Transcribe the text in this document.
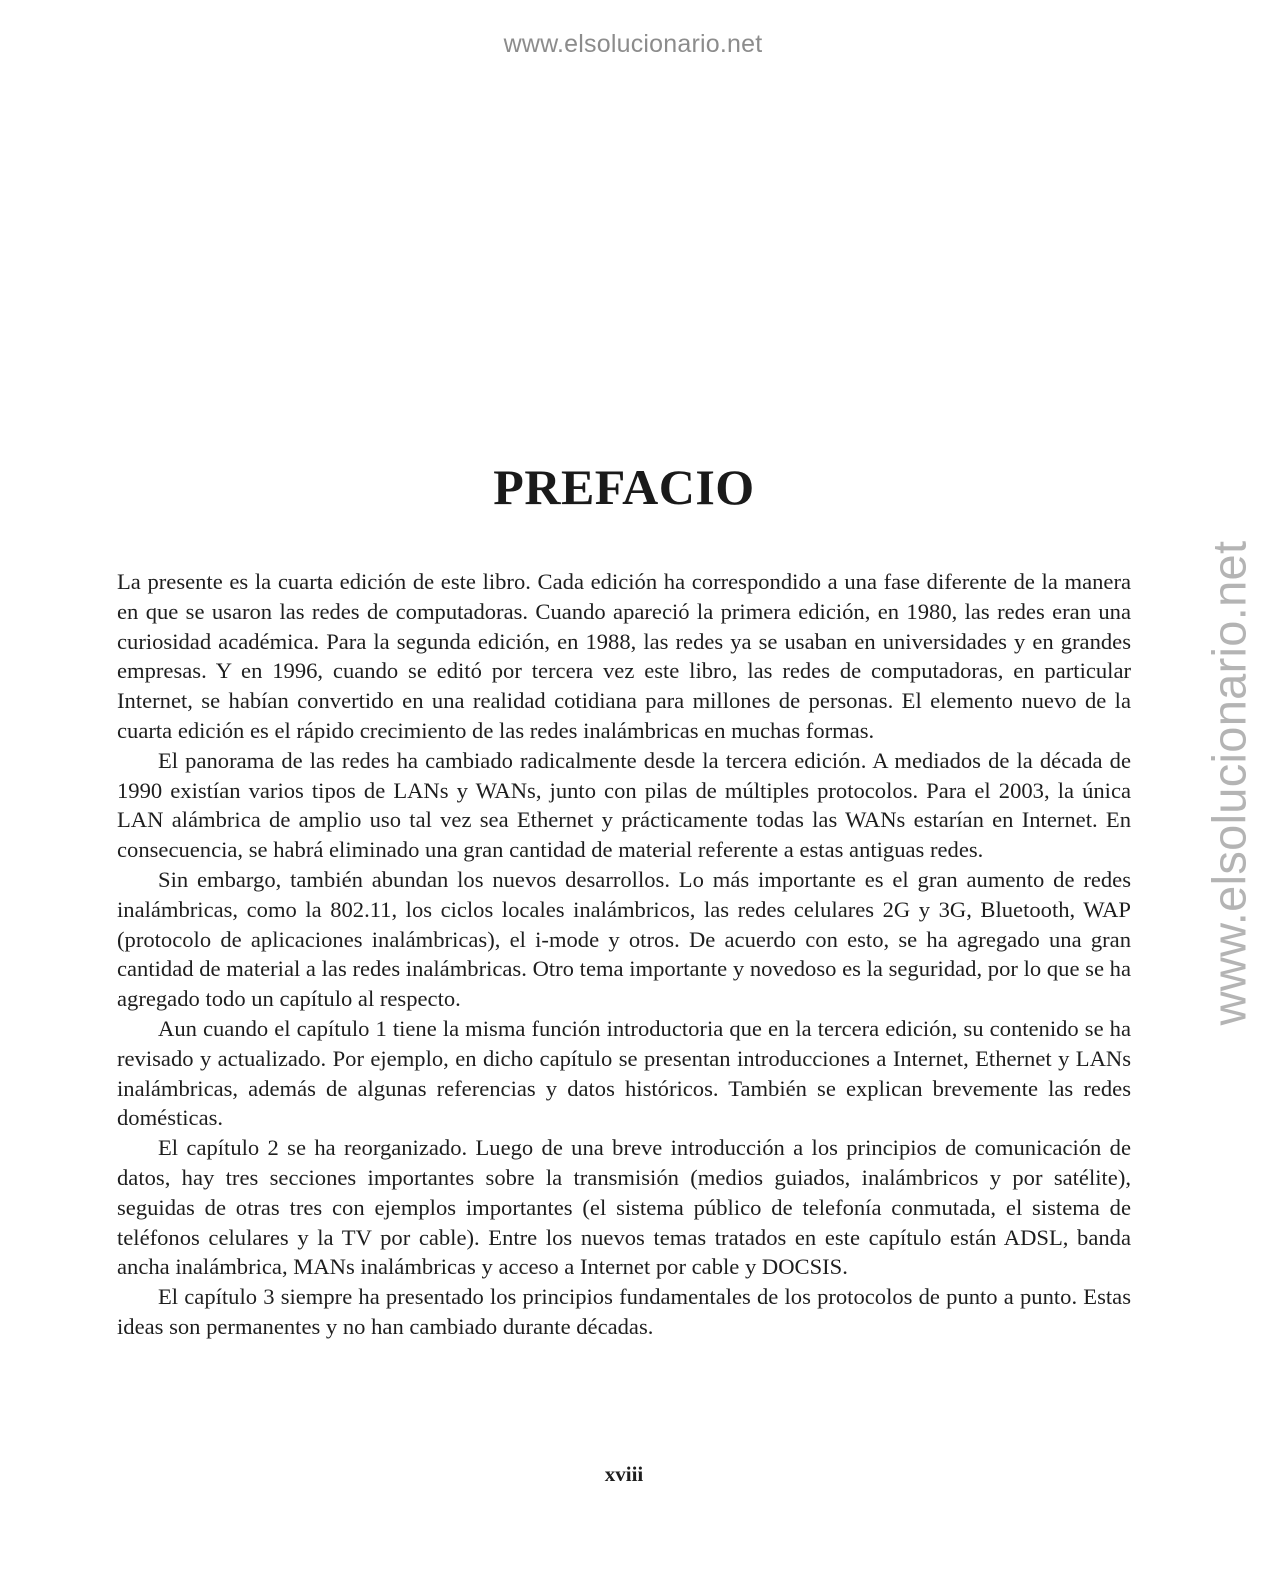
www.elsolucionario.net
www.elsolucionario.net
PREFACIO

La presente es la cuarta edición de este libro. Cada edición ha correspondido a una fase diferente de la manera en que se usaron las redes de computadoras. Cuando apareció la primera edición, en 1980, las redes eran una curiosidad académica. Para la segunda edición, en 1988, las redes ya se usaban en universidades y en grandes empresas. Y en 1996, cuando se editó por tercera vez este libro, las redes de computadoras, en particular Internet, se habían convertido en una realidad cotidiana para millones de personas. El elemento nuevo de la cuarta edición es el rápido crecimiento de las redes inalámbricas en muchas formas.

El panorama de las redes ha cambiado radicalmente desde la tercera edición. A mediados de la década de 1990 existían varios tipos de LANs y WANs, junto con pilas de múltiples protocolos. Para el 2003, la única LAN alámbrica de amplio uso tal vez sea Ethernet y prácticamente todas las WANs estarían en Internet. En consecuencia, se habrá eliminado una gran cantidad de material referente a estas antiguas redes.

Sin embargo, también abundan los nuevos desarrollos. Lo más importante es el gran aumento de redes inalámbricas, como la 802.11, los ciclos locales inalámbricos, las redes celulares 2G y 3G, Bluetooth, WAP (protocolo de aplicaciones inalámbricas), el i-mode y otros. De acuerdo con esto, se ha agregado una gran cantidad de material a las redes inalámbricas. Otro tema importante y novedoso es la seguridad, por lo que se ha agregado todo un capítulo al respecto.

Aun cuando el capítulo 1 tiene la misma función introductoria que en la tercera edición, su contenido se ha revisado y actualizado. Por ejemplo, en dicho capítulo se presentan introducciones a Internet, Ethernet y LANs inalámbricas, además de algunas referencias y datos históricos. También se explican brevemente las redes domésticas.

El capítulo 2 se ha reorganizado. Luego de una breve introducción a los principios de comunicación de datos, hay tres secciones importantes sobre la transmisión (medios guiados, inalámbricos y por satélite), seguidas de otras tres con ejemplos importantes (el sistema público de telefonía conmutada, el sistema de teléfonos celulares y la TV por cable). Entre los nuevos temas tratados en este capítulo están ADSL, banda ancha inalámbrica, MANs inalámbricas y acceso a Internet por cable y DOCSIS.

El capítulo 3 siempre ha presentado los principios fundamentales de los protocolos de punto a punto. Estas ideas son permanentes y no han cambiado durante décadas.

xviii
